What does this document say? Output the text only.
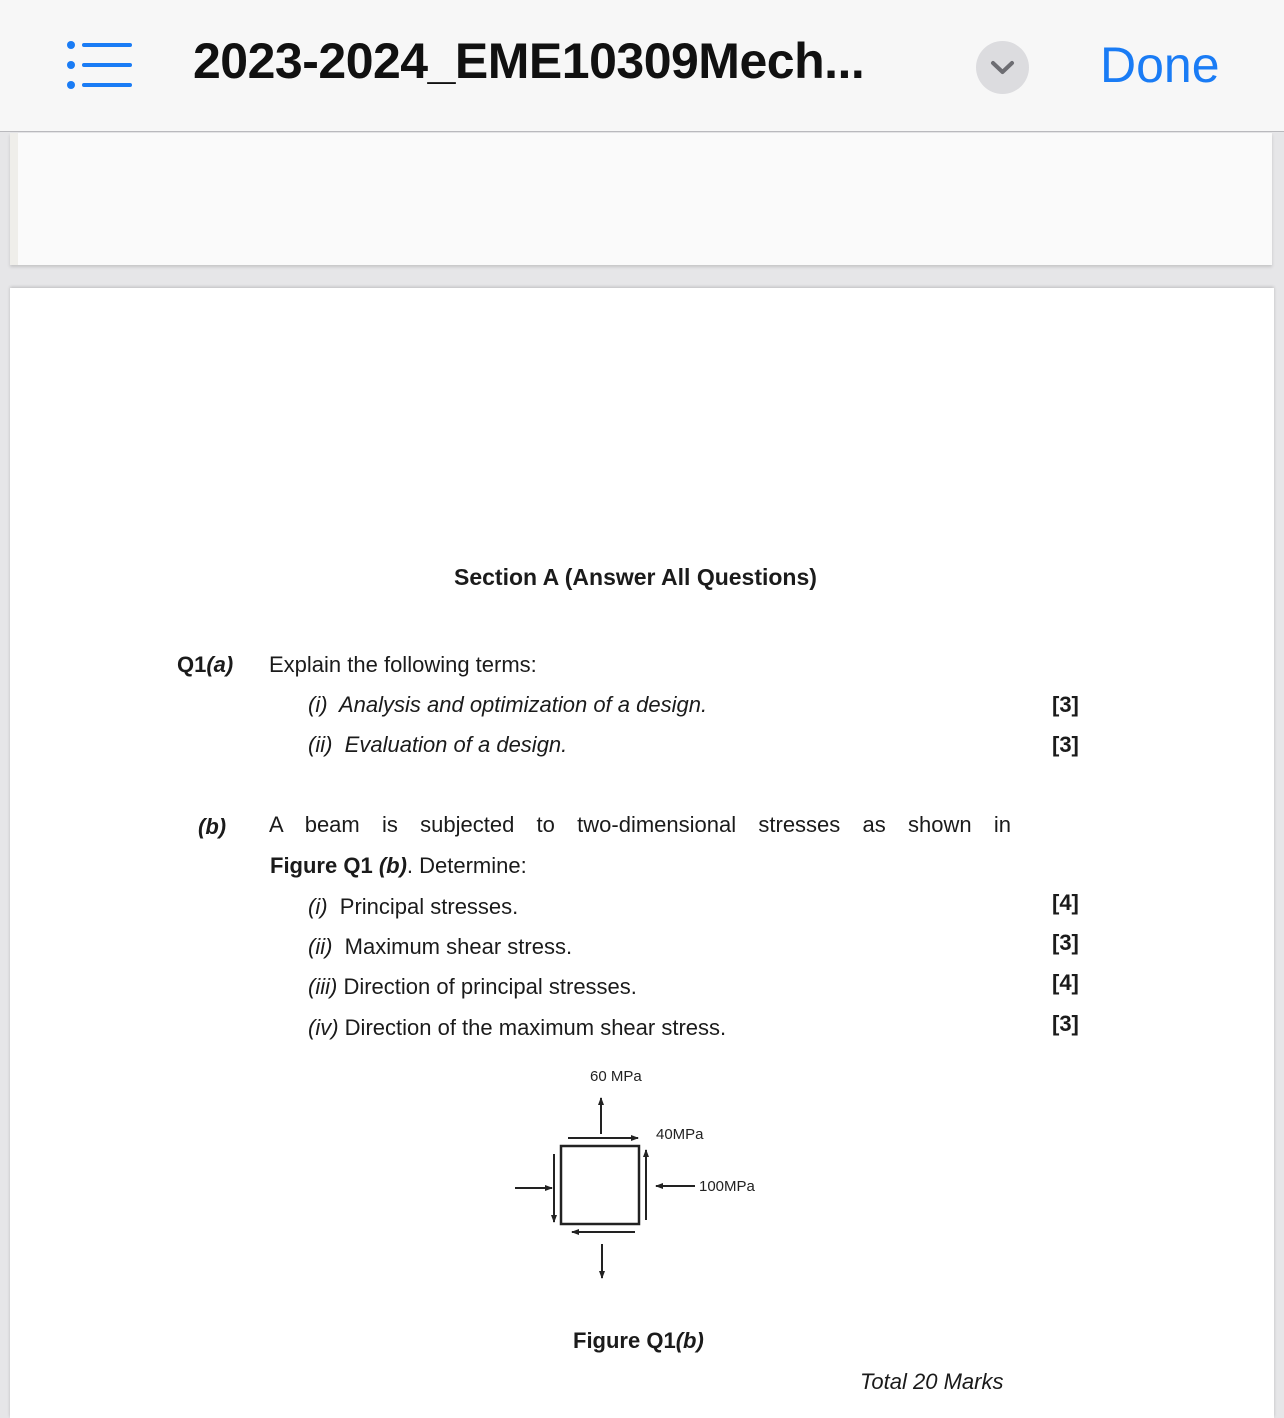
2023-2024_EME10309Mech...	Done
Section A (Answer All Questions)
Q1(a) Explain the following terms:
(i) Analysis and optimization of a design.	[3]
(ii) Evaluation of a design.	[3]
(b) A beam is subjected to two-dimensional stresses as shown in
Figure Q1 (b). Determine:
(i) Principal stresses.	[4]
(ii) Maximum shear stress.	[3]
(iii) Direction of principal stresses.	[4]
(iv) Direction of the maximum shear stress.	[3]
60 MPa
40MPa
100MPa
Figure Q1(b)
Total 20 Marks
